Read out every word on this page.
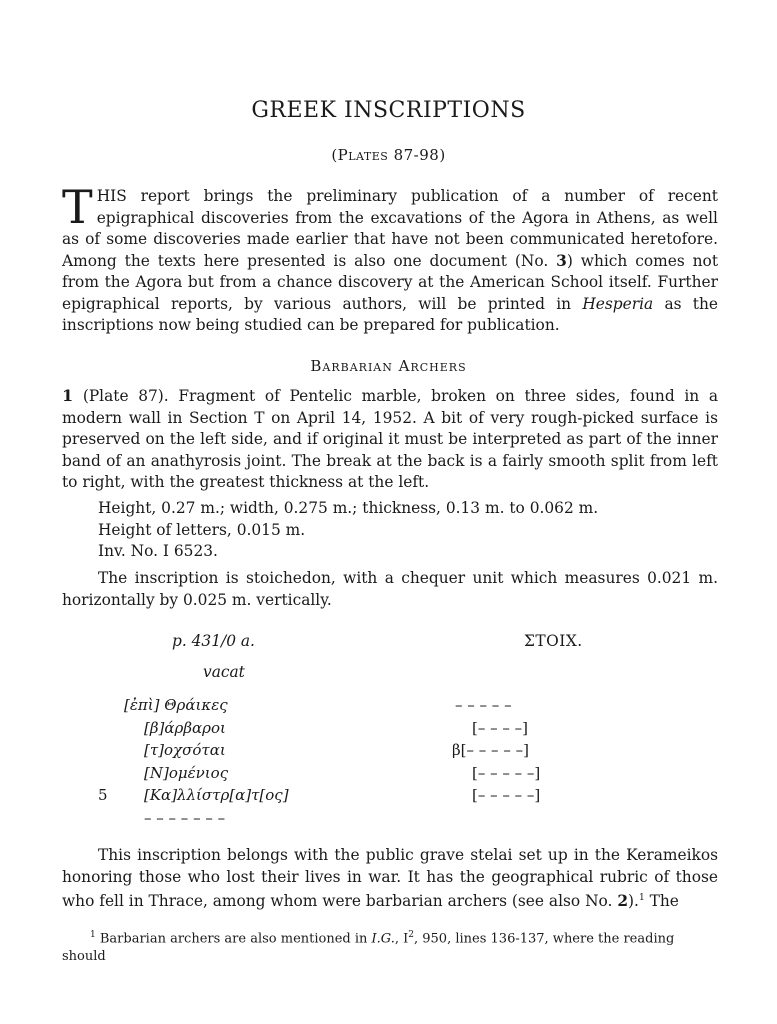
GREEK INSCRIPTIONS
(Plates 87-98)

THIS report brings the preliminary publication of a number of recent epigraphical discoveries from the excavations of the Agora in Athens, as well as of some discoveries made earlier that have not been communicated heretofore. Among the texts here presented is also one document (No. 3) which comes not from the Agora but from a chance discovery at the American School itself. Further epigraphical reports, by various authors, will be printed in Hesperia as the inscriptions now being studied can be prepared for publication.

Barbarian Archers

1 (Plate 87). Fragment of Pentelic marble, broken on three sides, found in a modern wall in Section T on April 14, 1952. A bit of very rough-picked surface is preserved on the left side, and if original it must be interpreted as part of the inner band of an anathyrosis joint. The break at the back is a fairly smooth split from left to right, with the greatest thickness at the left.

Height, 0.27 m.; width, 0.275 m.; thickness, 0.13 m. to 0.062 m.
Height of letters, 0.015 m.
Inv. No. I 6523.

The inscription is stoichedon, with a chequer unit which measures 0.021 m. horizontally by 0.025 m. vertically.

p. 431/0 a.	ΣΤΟΙΧ.
vacat
[ἐπὶ] Θράικες	– – – – –
[β]άρβαροι	[– – – –]
[τ]οχσόται	β[– – – – –]
[Ν]ομένιος	[– – – – –]
5 [Κα]λλίστρ[α]τ[ος]	[– – – – –]
– – – – – – –

This inscription belongs with the public grave stelai set up in the Kerameikos honoring those who lost their lives in war. It has the geographical rubric of those who fell in Thrace, among whom were barbarian archers (see also No. 2).$^1$ The

$^1$ Barbarian archers are also mentioned in I.G., $I^2$, 950, lines 136-137, where the reading should
